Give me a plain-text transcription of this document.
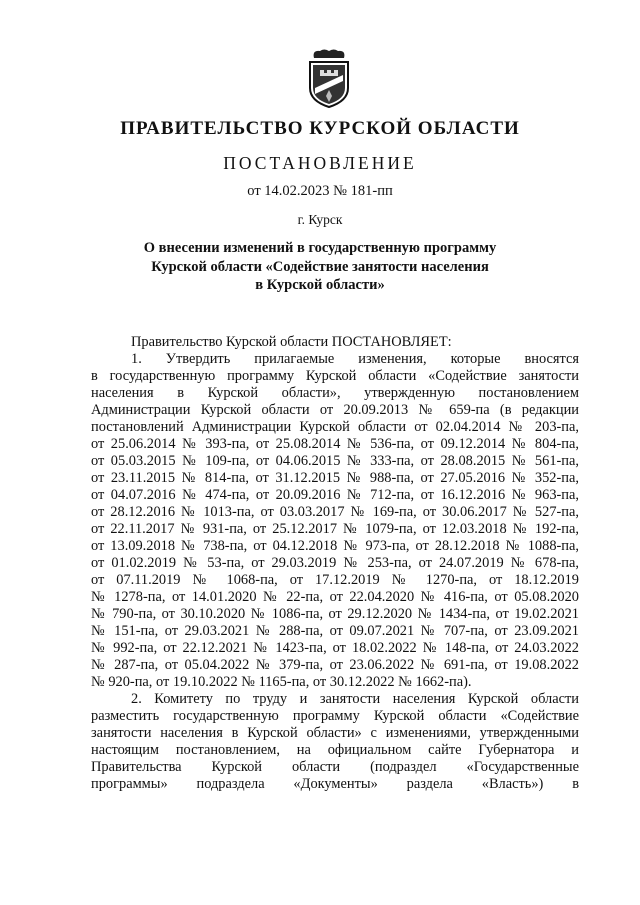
ПРАВИТЕЛЬСТВО КУРСКОЙ ОБЛАСТИ
ПОСТАНОВЛЕНИЕ
от 14.02.2023 № 181-пп
г. Курск
О внесении изменений в государственную программу
Курской области «Содействие занятости населения
в Курской области»
Правительство Курской области ПОСТАНОВЛЯЕТ:
1. Утвердить прилагаемые изменения, которые вносятся
в государственную программу Курской области «Содействие занятости
населения в Курской области», утвержденную постановлением
Администрации Курской области от 20.09.2013 № 659-па (в редакции
постановлений Администрации Курской области от 02.04.2014 № 203-па,
от 25.06.2014 № 393-па, от 25.08.2014 № 536-па, от 09.12.2014 № 804-па,
от 05.03.2015 № 109-па, от 04.06.2015 № 333-па, от 28.08.2015 № 561-па,
от 23.11.2015 № 814-па, от 31.12.2015 № 988-па, от 27.05.2016 № 352-па,
от 04.07.2016 № 474-па, от 20.09.2016 № 712-па, от 16.12.2016 № 963-па,
от 28.12.2016 № 1013-па, от 03.03.2017 № 169-па, от 30.06.2017 № 527-па,
от 22.11.2017 № 931-па, от 25.12.2017 № 1079-па, от 12.03.2018 № 192-па,
от 13.09.2018 № 738-па, от 04.12.2018 № 973-па, от 28.12.2018 № 1088-па,
от 01.02.2019 № 53-па, от 29.03.2019 № 253-па, от 24.07.2019 № 678-па,
от 07.11.2019 № 1068-па, от 17.12.2019 № 1270-па, от 18.12.2019
№ 1278-па, от 14.01.2020 № 22-па, от 22.04.2020 № 416-па, от 05.08.2020
№ 790-па, от 30.10.2020 № 1086-па, от 29.12.2020 № 1434-па, от 19.02.2021
№ 151-па, от 29.03.2021 № 288-па, от 09.07.2021 № 707-па, от 23.09.2021
№ 992-па, от 22.12.2021 № 1423-па, от 18.02.2022 № 148-па, от 24.03.2022
№ 287-па, от 05.04.2022 № 379-па, от 23.06.2022 № 691-па, от 19.08.2022
№ 920-па, от 19.10.2022 № 1165-па, от 30.12.2022 № 1662-па).
2. Комитету по труду и занятости населения Курской области
разместить государственную программу Курской области «Содействие
занятости населения в Курской области» с изменениями, утвержденными
настоящим постановлением, на официальном сайте Губернатора и
Правительства Курской области (подраздел «Государственные
программы» подраздела «Документы» раздела «Власть») в
